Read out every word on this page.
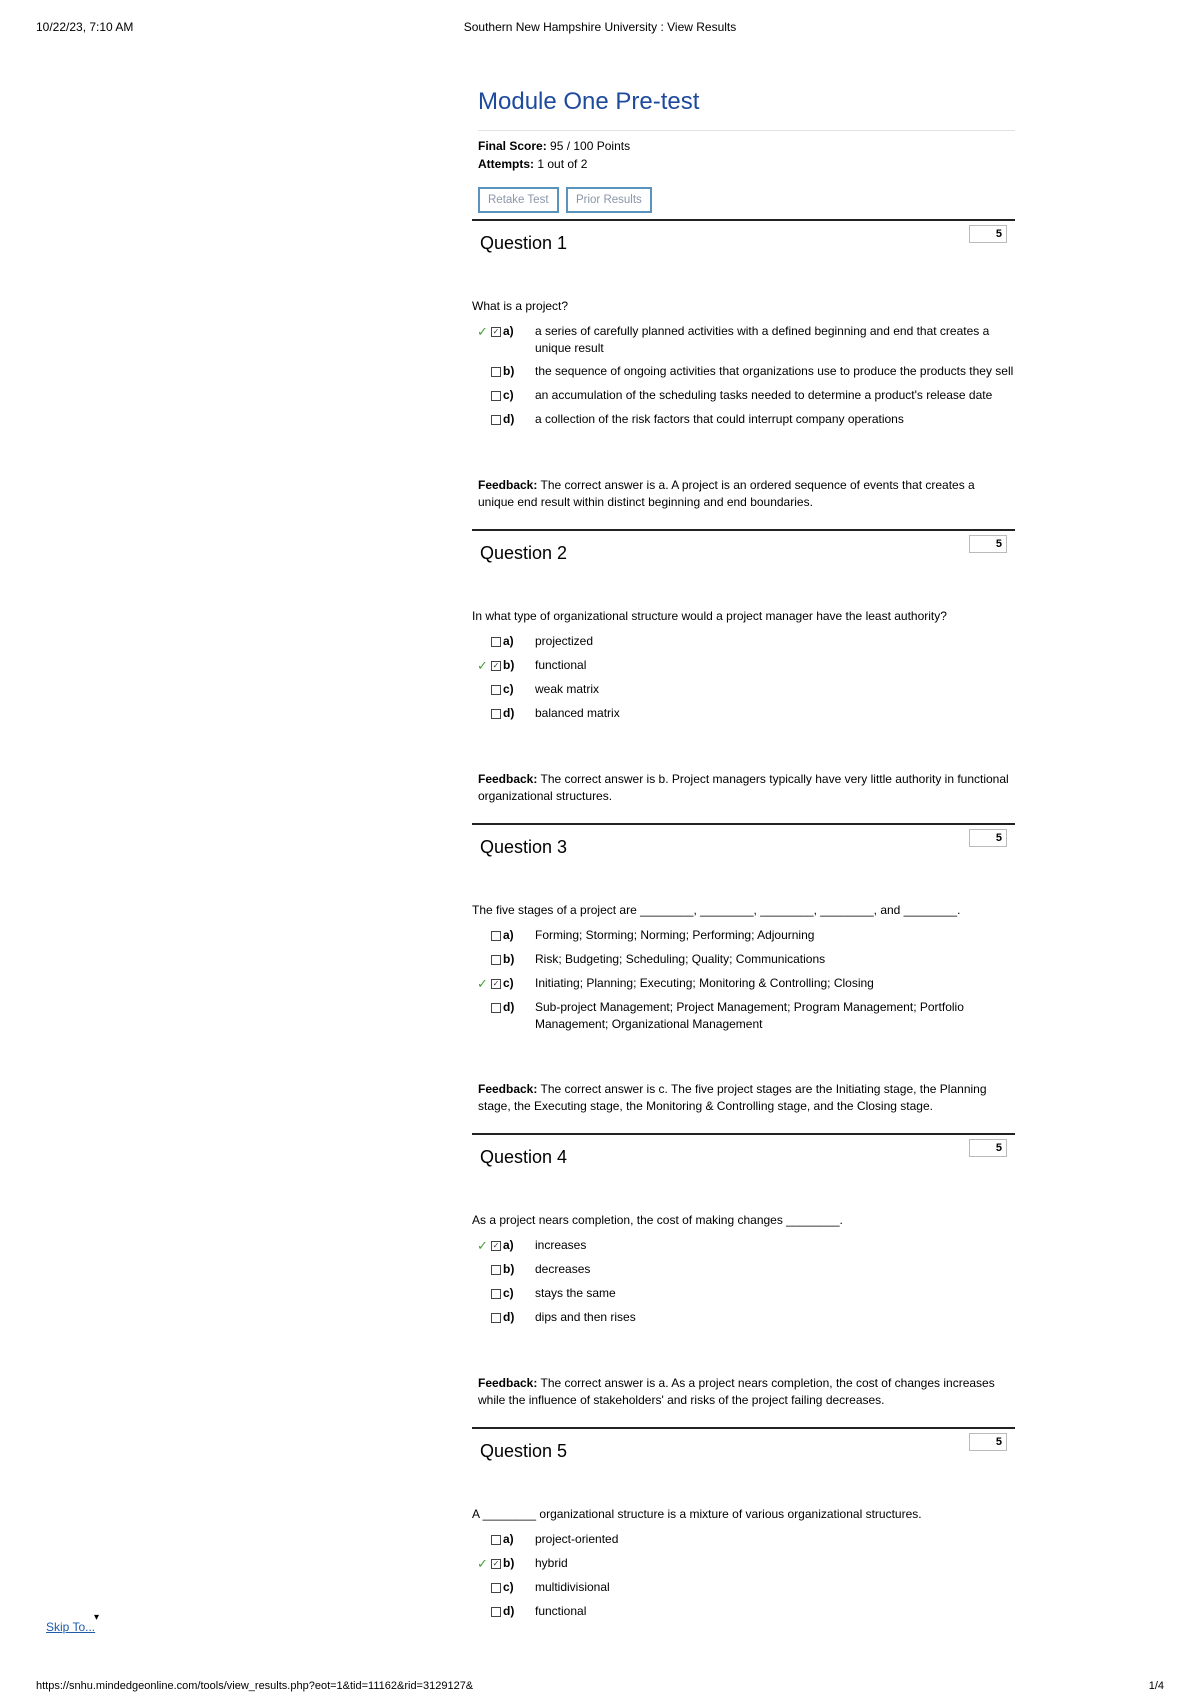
10/22/23, 7:10 AM	Southern New Hampshire University : View Results
Module One Pre-test
Final Score: 95 / 100 Points
Attempts: 1 out of 2
Retake Test Prior Results
Question 1	5
What is a project?
✓ ✓ a)	a series of carefully planned activities with a defined beginning and end that creates a unique result
b)	the sequence of ongoing activities that organizations use to produce the products they sell
c)	an accumulation of the scheduling tasks needed to determine a product's release date
d)	a collection of the risk factors that could interrupt company operations
Feedback: The correct answer is a. A project is an ordered sequence of events that creates a unique end result within distinct beginning and end boundaries.
Question 2	5
In what type of organizational structure would a project manager have the least authority?
a)	projectized
✓ ✓ b)	functional
c)	weak matrix
d)	balanced matrix
Feedback: The correct answer is b. Project managers typically have very little authority in functional organizational structures.
Question 3	5
The five stages of a project are ________, ________, ________, ________, and ________.
a)	Forming; Storming; Norming; Performing; Adjourning
b)	Risk; Budgeting; Scheduling; Quality; Communications
✓ ✓ c)	Initiating; Planning; Executing; Monitoring & Controlling; Closing
d)	Sub-project Management; Project Management; Program Management; Portfolio Management; Organizational Management
Feedback: The correct answer is c. The five project stages are the Initiating stage, the Planning stage, the Executing stage, the Monitoring & Controlling stage, and the Closing stage.
Question 4	5
As a project nears completion, the cost of making changes ________.
✓ ✓ a)	increases
b)	decreases
c)	stays the same
d)	dips and then rises
Feedback: The correct answer is a. As a project nears completion, the cost of changes increases while the influence of stakeholders' and risks of the project failing decreases.
Question 5	5
A ________ organizational structure is a mixture of various organizational structures.
a)	project-oriented
✓ ✓ b)	hybrid
c)	multidivisional
d)	functional
Skip To...
▾
https://snhu.mindedgeonline.com/tools/view_results.php?eot=1&tid=11162&rid=3129127&	1/4
